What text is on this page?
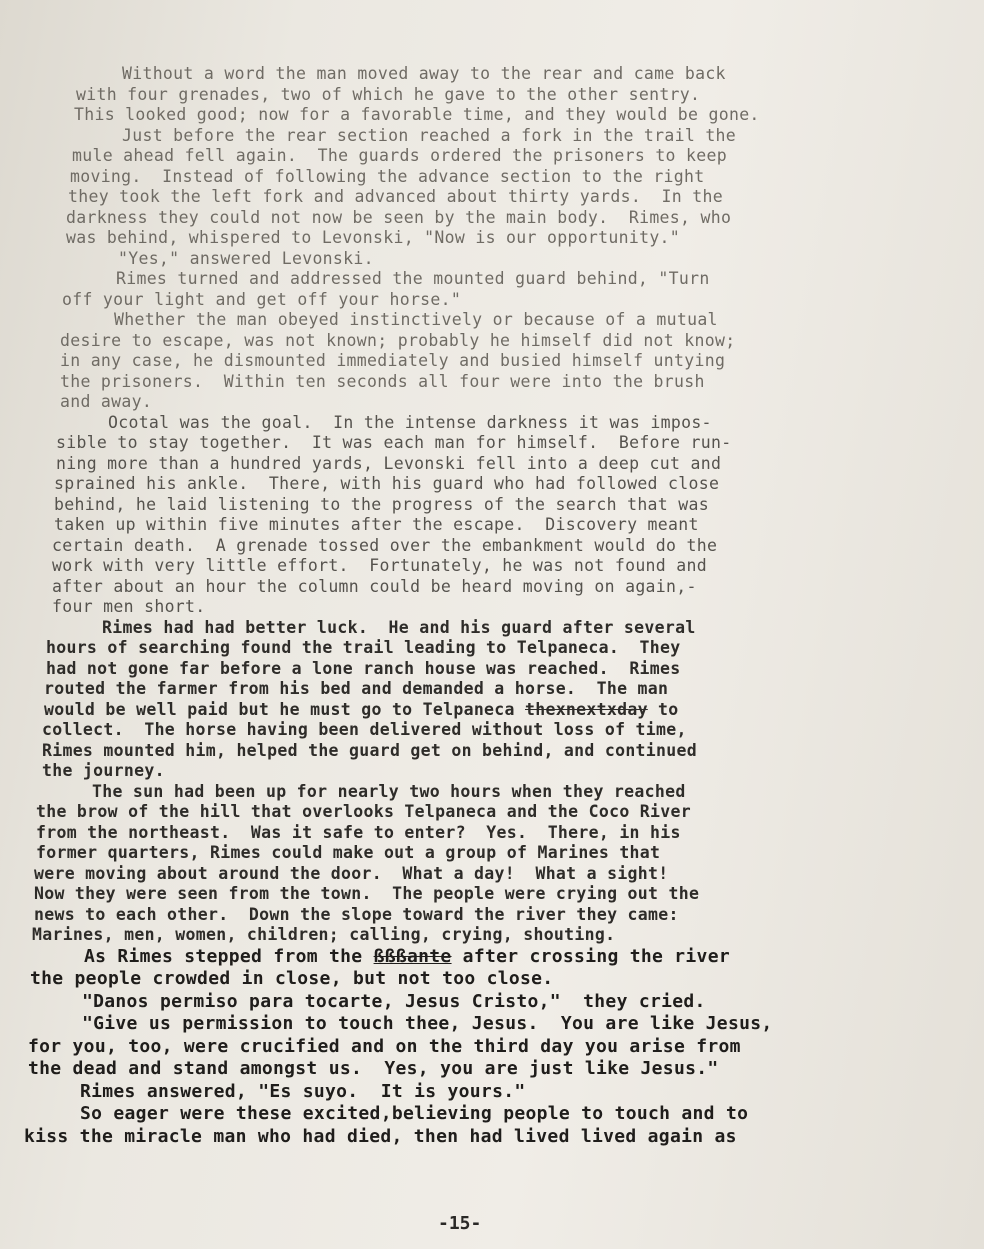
Without a word the man moved away to the rear and came back
with four grenades, two of which he gave to the other sentry.
This looked good; now for a favorable time, and they would be gone.
Just before the rear section reached a fork in the trail the
mule ahead fell again.  The guards ordered the prisoners to keep
moving.  Instead of following the advance section to the right
they took the left fork and advanced about thirty yards.  In the
darkness they could not now be seen by the main body.  Rimes, who
was behind, whispered to Levonski, "Now is our opportunity."
"Yes," answered Levonski.
Rimes turned and addressed the mounted guard behind, "Turn
off your light and get off your horse."
Whether the man obeyed instinctively or because of a mutual
desire to escape, was not known; probably he himself did not know;
in any case, he dismounted immediately and busied himself untying
the prisoners.  Within ten seconds all four were into the brush
and away.
Ocotal was the goal.  In the intense darkness it was impos-
sible to stay together.  It was each man for himself.  Before run-
ning more than a hundred yards, Levonski fell into a deep cut and
sprained his ankle.  There, with his guard who had followed close
behind, he laid listening to the progress of the search that was
taken up within five minutes after the escape.  Discovery meant
certain death.  A grenade tossed over the embankment would do the
work with very little effort.  Fortunately, he was not found and
after about an hour the column could be heard moving on again,-
four men short.
Rimes had had better luck.  He and his guard after several
hours of searching found the trail leading to Telpaneca.  They
had not gone far before a lone ranch house was reached.  Rimes
routed the farmer from his bed and demanded a horse.  The man
would be well paid but he must go to Telpaneca thexnextxday to
collect.  The horse having been delivered without loss of time,
Rimes mounted him, helped the guard get on behind, and continued
the journey.
The sun had been up for nearly two hours when they reached
the brow of the hill that overlooks Telpaneca and the Coco River
from the northeast.  Was it safe to enter?  Yes.  There, in his
former quarters, Rimes could make out a group of Marines that
were moving about around the door.  What a day!  What a sight!
Now they were seen from the town.  The people were crying out the
news to each other.  Down the slope toward the river they came:
Marines, men, women, children; calling, crying, shouting.
As Rimes stepped from the ßßßante after crossing the river
the people crowded in close, but not too close.
"Danos permiso para tocarte, Jesus Cristo,"  they cried.
"Give us permission to touch thee, Jesus.  You are like Jesus,
for you, too, were crucified and on the third day you arise from
the dead and stand amongst us.  Yes, you are just like Jesus."
Rimes answered, "Es suyo.  It is yours."
So eager were these excited,believing people to touch and to
kiss the miracle man who had died, then had lived lived again as
-15-
